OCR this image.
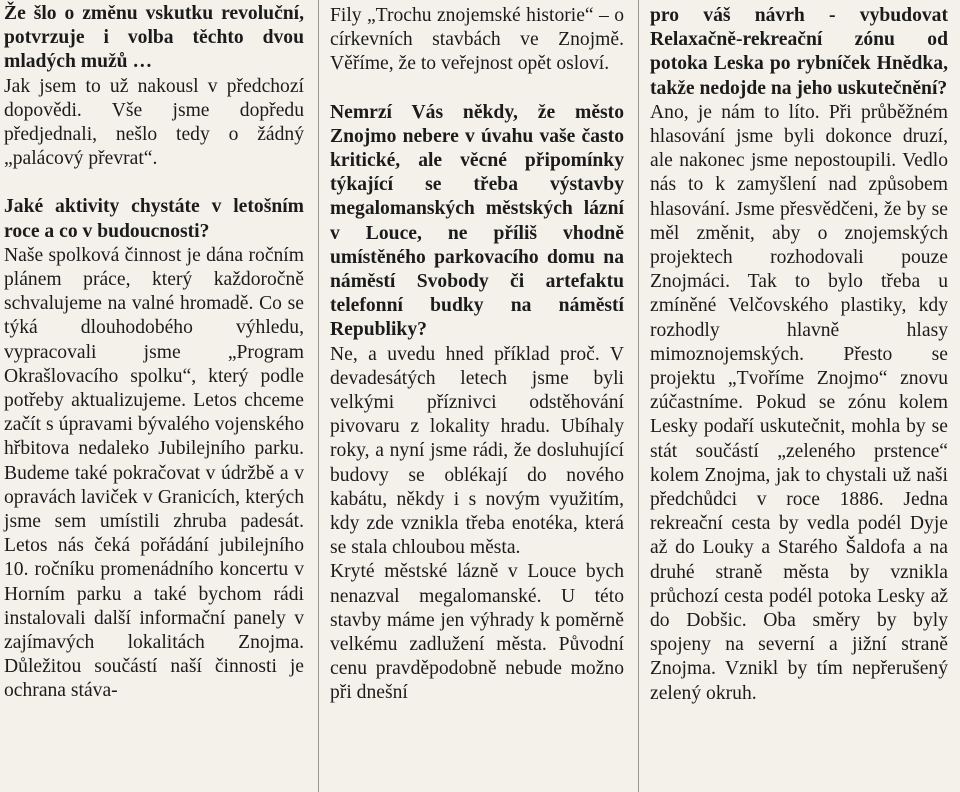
Že šlo o změnu vskutku revoluční, potvrzuje i volba těchto dvou mladých mužů …

Jak jsem to už nakousl v předchozí dopovědi. Vše jsme dopředu předjednali, nešlo tedy o žádný „palácový převrat“.

Jaké aktivity chystáte v letošním roce a co v budoucnosti?

Naše spolková činnost je dána ročním plánem práce, který každoročně schvalujeme na valné hromadě. Co se týká dlouhodobého výhledu, vypracovali jsme „Program Okrašlovacího spolku“, který podle potřeby aktualizujeme. Letos chceme začít s úpravami bývalého vojenského hřbitova nedaleko Jubilejního parku. Budeme také pokračovat v údržbě a v opravách laviček v Granicích, kterých jsme sem umístili zhruba padesát. Letos nás čeká pořádání jubilejního 10. ročníku promenádního koncertu v Horním parku a také bychom rádi instalovali další informační panely v zajímavých lokalitách Znojma. Důležitou součástí naší činnosti je ochrana stáva-

Fily „Trochu znojemské historie“ – o církevních stavbách ve Znojmě. Věříme, že to veřejnost opět osloví.

Nemrzí Vás někdy, že město Znojmo nebere v úvahu vaše často kritické, ale věcné připomínky týkající se třeba výstavby megalomanských městských lázní v Louce, ne příliš vhodně umístěného parkovacího domu na náměstí Svobody či artefaktu telefonní budky na náměstí Republiky?

Ne, a uvedu hned příklad proč. V devadesátých letech jsme byli velkými příznivci odstěhování pivovaru z lokality hradu. Ubíhaly roky, a nyní jsme rádi, že dosluhující budovy se oblékají do nového kabátu, někdy i s novým využitím, kdy zde vznikla třeba enotéka, která se stala chloubou města.

Kryté městské lázně v Louce bych nenazval megalomanské. U této stavby máme jen výhrady k poměrně velkému zadlužení města. Původní cenu pravděpodobně nebude možno při dnešní

pro váš návrh - vybudovat Relaxačně-rekreační zónu od potoka Leska po rybníček Hnědka, takže nedojde na jeho uskutečnění?

Ano, je nám to líto. Při průběžném hlasování jsme byli dokonce druzí, ale nakonec jsme nepostoupili. Vedlo nás to k zamyšlení nad způsobem hlasování. Jsme přesvědčeni, že by se měl změnit, aby o znojemských projektech rozhodovali pouze Znojmáci. Tak to bylo třeba u zmíněné Velčovského plastiky, kdy rozhodly hlavně hlasy mimoznojemských. Přesto se projektu „Tvoříme Znojmo“ znovu zúčastníme. Pokud se zónu kolem Lesky podaří uskutečnit, mohla by se stát součástí „zeleného prstence“ kolem Znojma, jak to chystali už naši předchůdci v roce 1886. Jedna rekreační cesta by vedla podél Dyje až do Louky a Starého Šaldofa a na druhé straně města by vznikla průchozí cesta podél potoka Lesky až do Dobšic. Oba směry by byly spojeny na severní a jižní straně Znojma. Vznikl by tím nepřerušený zelený okruh.
